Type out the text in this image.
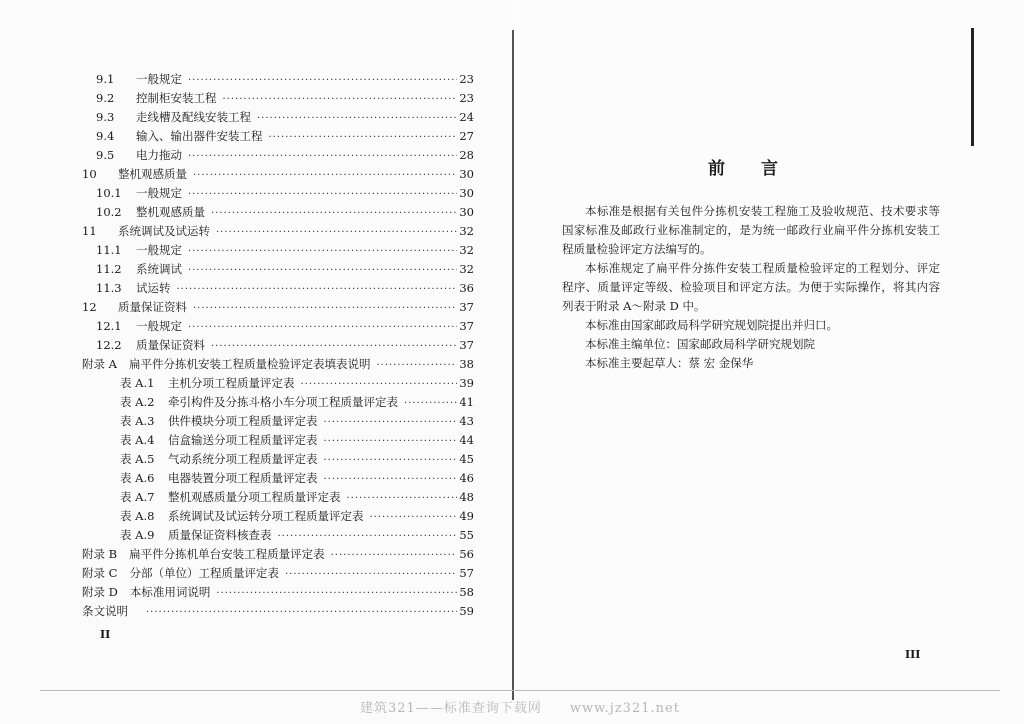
9.1	一般规定 ·····	23
9.2	控制柜安装工程 ·····	23
9.3	走线槽及配线安装工程 ·····	24
9.4	输入、输出器件安装工程 ·····	27
9.5	电力拖动 ·····	28
10	整机观感质量 ·····	30
10.1 一般规定 ·····	30
10.2 整机观感质量 ·····	30
11	系统调试及试运转 ·····	32
11.1 一般规定 ·····	32
11.2 系统调试 ·····	32
11.3 试运转 ·····	36
12	质量保证资料 ·····	37
12.1 一般规定 ·····	37
12.2 质量保证资料 ·····	37
附录 A 扁平件分拣机安装工程质量检验评定表填表说明 ·····	38
表 A.1 主机分项工程质量评定表 ·····	39
表 A.2 牵引构件及分拣斗格小车分项工程质量评定表 ·····	41
表 A.3 供件模块分项工程质量评定表 ·····	43
表 A.4 信盒输送分项工程质量评定表 ·····	44
表 A.5 气动系统分项工程质量评定表 ·····	45
表 A.6 电器装置分项工程质量评定表 ·····	46
表 A.7 整机观感质量分项工程质量评定表 ·····	48
表 A.8 系统调试及试运转分项工程质量评定表 ·····	49
表 A.9 质量保证资料核查表 ·····	55
附录 B 扁平件分拣机单台安装工程质量评定表 ·····	56
附录 C 分部（单位）工程质量评定表 ·····	57
附录 D 本标准用词说明 ·····	58
条文说明 ·····	59
II
前言

本标准是根据有关包件分拣机安装工程施工及验收规范、技术要求等国家标准及邮政行业标准制定的，是为统一邮政行业扁平件分拣机安装工程质量检验评定方法编写的。

本标准规定了扁平件分拣件安装工程质量检验评定的工程划分、评定程序、质量评定等级、检验项目和评定方法。为便于实际操作，将其内容列表于附录 A～附录 D 中。

本标准由国家邮政局科学研究规划院提出并归口。

本标准主编单位：国家邮政局科学研究规划院

本标准主要起草人：蔡 宏 金保华

III
建筑321——标准查询下载网 www.jz321.net
